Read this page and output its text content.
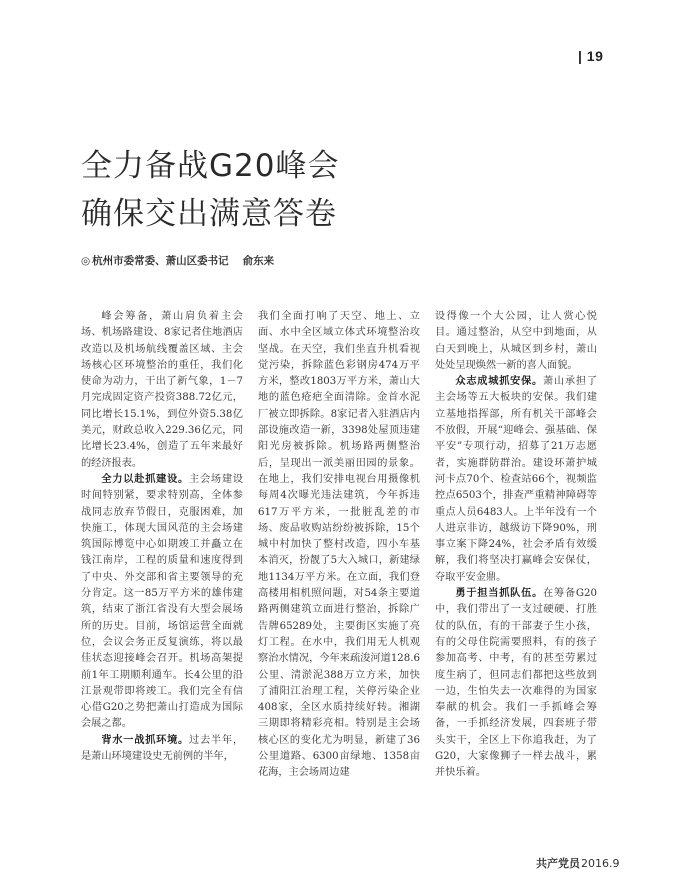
| 19
全力备战G20峰会
确保交出满意答卷
◎ 杭州市委常委、萧山区委书记 俞东来

峰会筹备，萧山肩负着主会场、机场路建设、8家记者住地酒店改造以及机场航线覆盖区域、主会场核心区环境整治的重任，我们化使命为动力，干出了新气象，1－7月完成固定资产投资388.72亿元，同比增长15.1%，到位外资5.38亿美元，财政总收入229.36亿元，同比增长23.4%，创造了五年来最好的经济报表。

全力以赴抓建设。主会场建设时间特别紧，要求特别高，全体参战同志放弃节假日，克服困难，加快施工，体现大国风范的主会场建筑国际博览中心如期竣工并矗立在钱江南岸，工程的质量和速度得到了中央、外交部和省主要领导的充分肯定。这一85万平方米的雄伟建筑，结束了浙江省没有大型会展场所的历史。目前，场馆运营全面就位，会议会务正反复演练，将以最佳状态迎接峰会召开。机场高架提前1年工期顺利通车。长4公里的沿江景观带即将竣工。我们完全有信心借G20之势把萧山打造成为国际会展之都。

背水一战抓环境。过去半年，是萧山环境建设史无前例的半年，

我们全面打响了天空、地上、立面、水中全区域立体式环境整治攻坚战。在天空，我们坐直升机看视觉污染，拆除蓝色彩钢房474万平方米，整改1803万平方米，萧山大地的蓝色疮疤全面清除。金首水泥厂被立即拆除。8家记者入驻酒店内部设施改造一新，3398处屋顶违建阳光房被拆除。机场路两侧整治后，呈现出一派美丽田园的景象。在地上，我们安排电视台用摄像机每周4次曝光违法建筑，今年拆违617万平方米，一批脏乱差的市场、废品收购站纷纷被拆除，15个城中村加快了整村改造，四小车基本消灭，扮靓了5大入城口，新建绿地1134万平方米。在立面，我们登高楼用相机照问题，对54条主要道路两侧建筑立面进行整治，拆除广告牌65289处，主要街区实施了亮灯工程。在水中，我们用无人机观察治水情况，今年来疏浚河道128.6公里、清淤泥388万立方米，加快了浦阳江治理工程，关停污染企业408家，全区水质持续好转。湘湖三期即将精彩亮相。特别是主会场核心区的变化尤为明显，新建了36公里道路、6300亩绿地、1358亩花海，主会场周边建

设得像一个大公园，让人赏心悦目。通过整治，从空中到地面，从白天到晚上，从城区到乡村，萧山处处呈现焕然一新的喜人面貌。

众志成城抓安保。萧山承担了主会场等五大板块的安保。我们建立基地指挥部，所有机关干部峰会不放假，开展“迎峰会、强基础、保平安”专项行动，招募了21万志愿者，实施群防群治。建设环萧护城河卡点70个、检查站66个，视频监控点6503个，排查严重精神障碍等重点人员6483人。上半年没有一个人进京非访，越级访下降90%，刑事立案下降24%，社会矛盾有效缓解，我们将坚决打赢峰会安保仗，夺取平安金鼎。

勇于担当抓队伍。在筹备G20中，我们带出了一支过硬硬、打胜仗的队伍，有的干部妻子生小孩，有的父母住院需要照料，有的孩子参加高考、中考，有的甚至劳累过度生病了，但同志们都把这些放到一边，生怕失去一次难得的为国家奉献的机会。我们一手抓峰会筹备，一手抓经济发展，四套班子带头实干，全区上下你追我赶，为了G20，大家像狮子一样去战斗，累并快乐着。

共产党员2016.9
